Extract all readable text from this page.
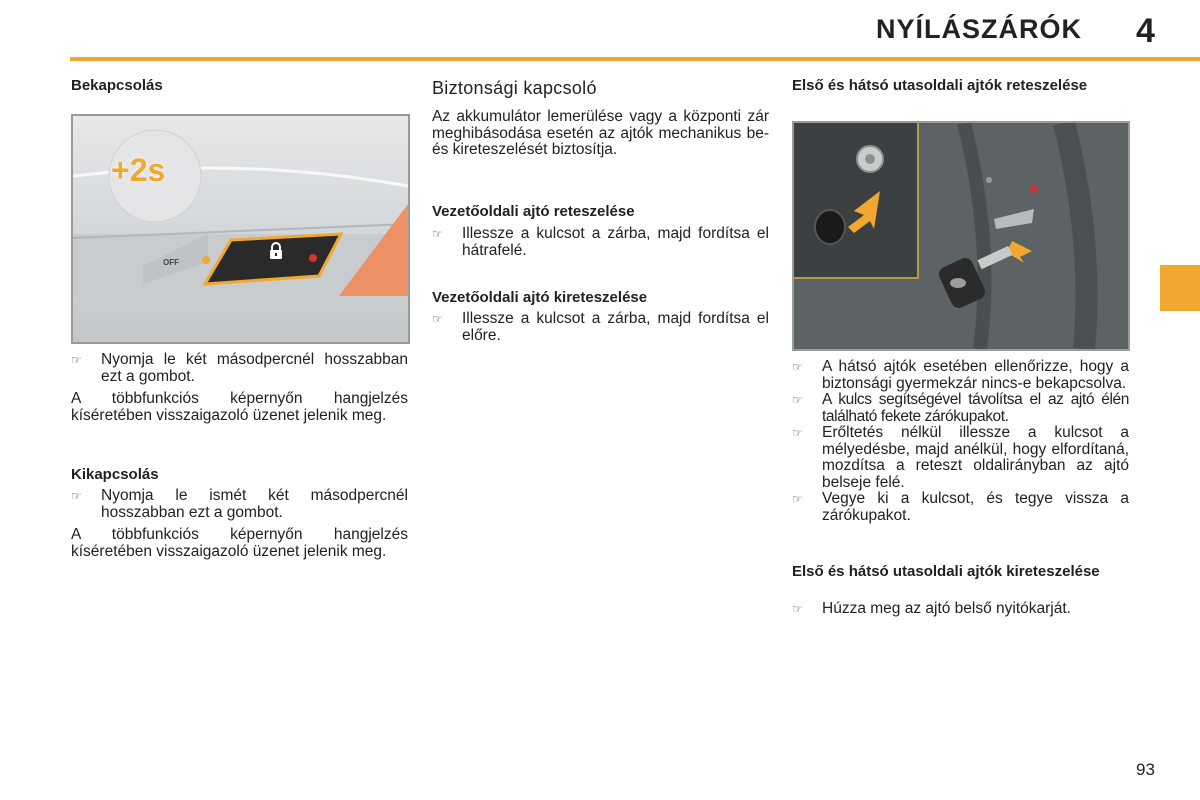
NYÍLÁSZÁRÓK 4
Bekapcsolás
+2s
OFF
☞ Nyomja le két másodpercnél hosszabban ezt a gombot.
A többfunkciós képernyőn hangjelzés kíséretében visszaigazoló üzenet jelenik meg.
Kikapcsolás
☞ Nyomja le ismét két másodpercnél hosszabban ezt a gombot.
A többfunkciós képernyőn hangjelzés kíséretében visszaigazoló üzenet jelenik meg.
Biztonsági kapcsoló
Az akkumulátor lemerülése vagy a központi zár meghibásodása esetén az ajtók mechanikus be- és kireteszelését biztosítja.
Vezetőoldali ajtó reteszelése
☞ Illessze a kulcsot a zárba, majd fordítsa el hátrafelé.
Vezetőoldali ajtó kireteszelése
☞ Illessze a kulcsot a zárba, majd fordítsa el előre.
Első és hátsó utasoldali ajtók reteszelése
☞ A hátsó ajtók esetében ellenőrizze, hogy a biztonsági gyermekzár nincs-e bekapcsolva.
☞ A kulcs segítségével távolítsa el az ajtó élén található fekete zárókupakot.
☞ Erőltetés nélkül illessze a kulcsot a mélyedésbe, majd anélkül, hogy elfordítaná, mozdítsa a reteszt oldalirányban az ajtó belseje felé.
☞ Vegye ki a kulcsot, és tegye vissza a zárókupakot.
Első és hátsó utasoldali ajtók kireteszelése
☞ Húzza meg az ajtó belső nyitókarját.
93
